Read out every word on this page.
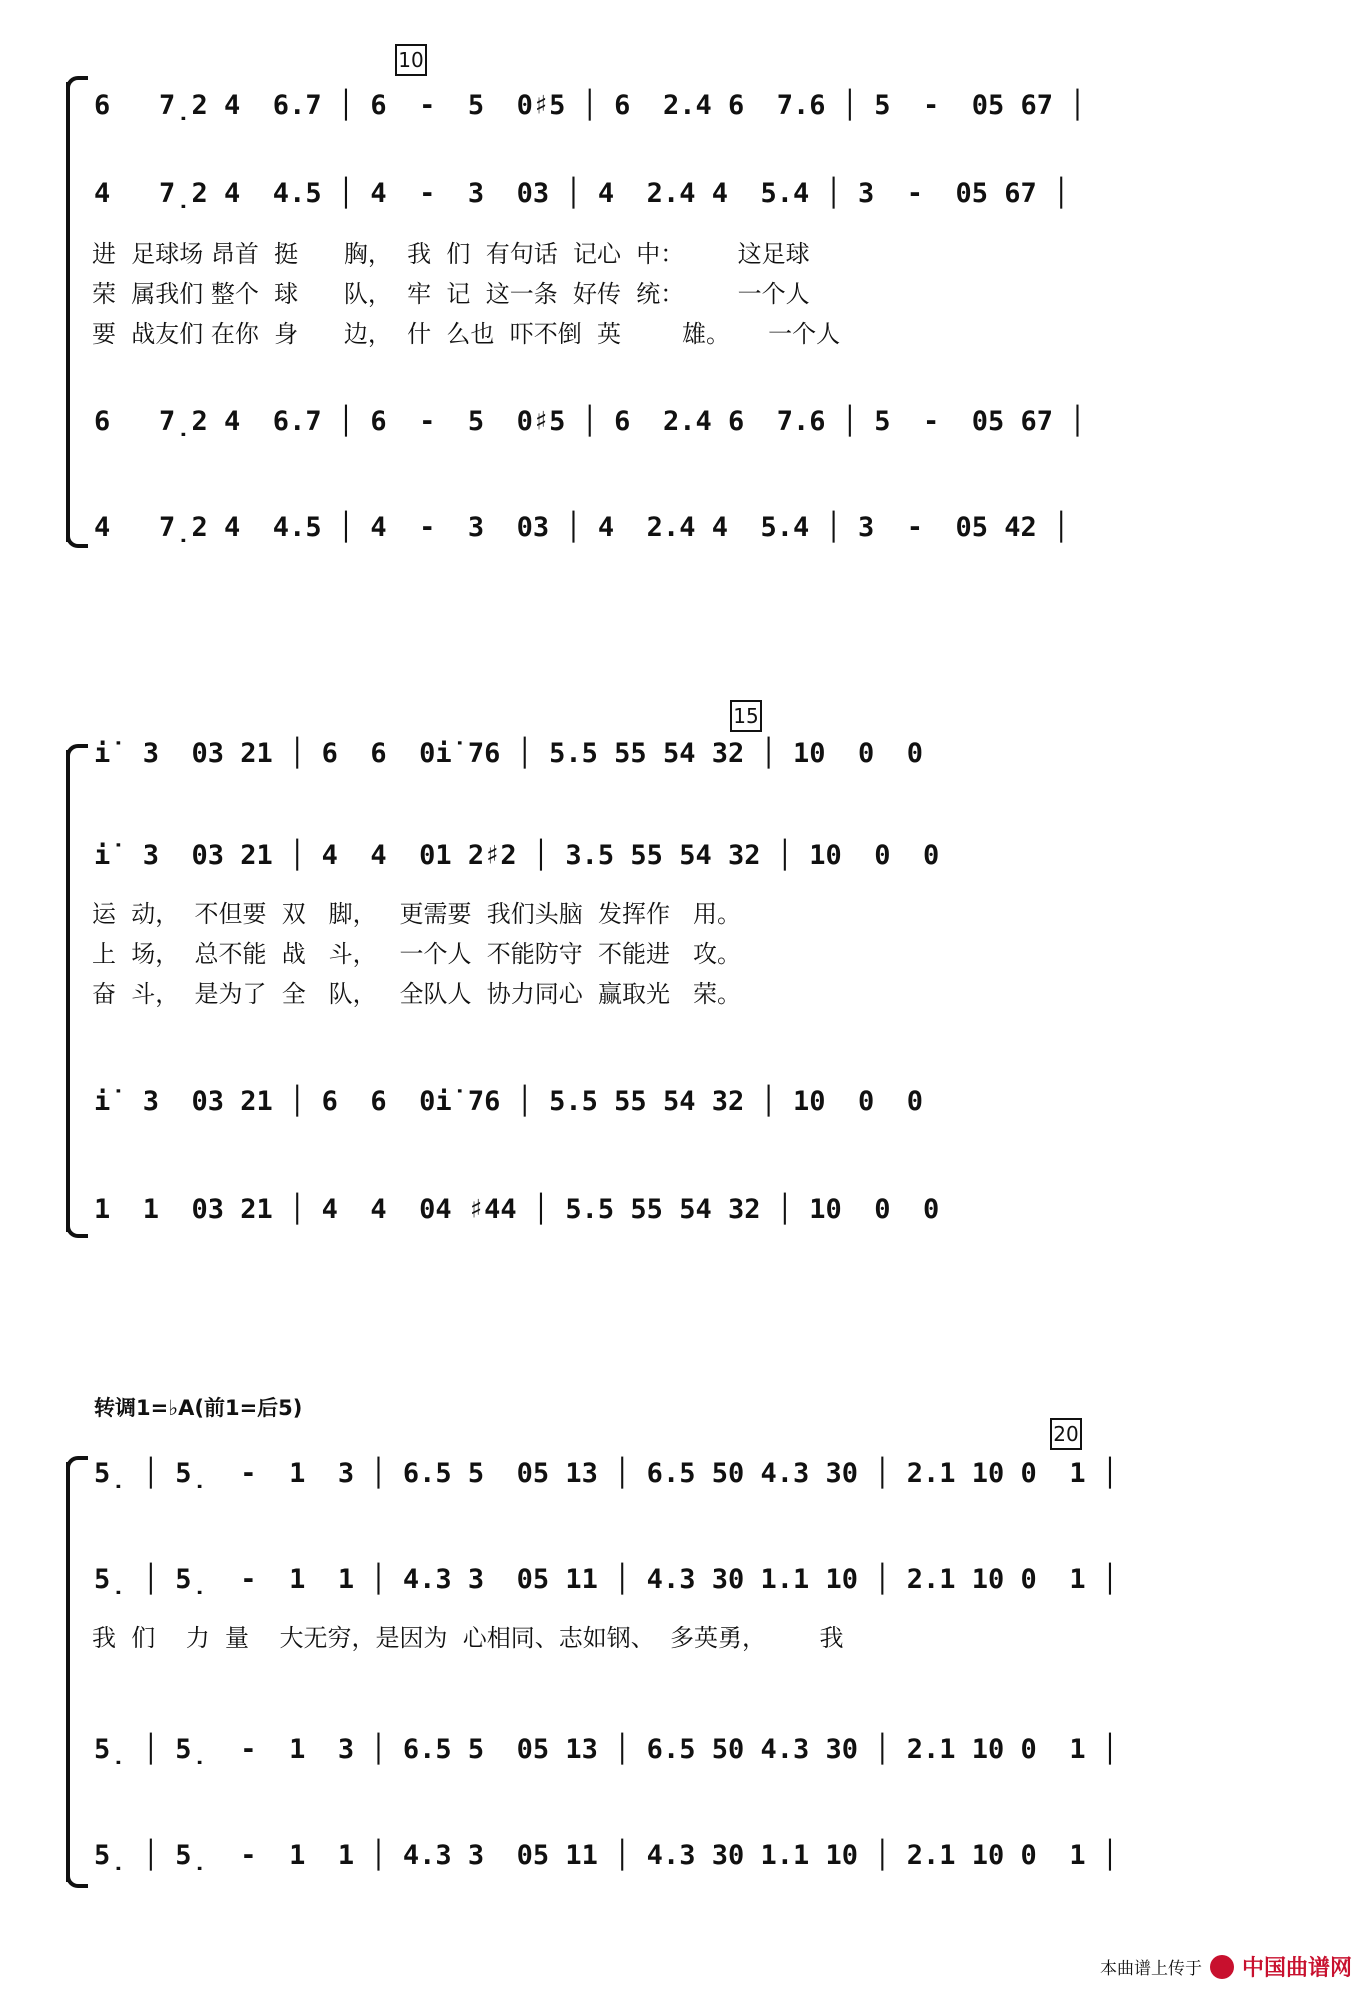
10
6   7̣2 4  6.7 │ 6  -  5  0♯5 │ 6  2.4 6  7.6 │ 5  -  05 67 │
4   7̣2 4  4.5 │ 4  -  3  03 │ 4  2.4 4  5.4 │ 3  -  05 67 │
进  足球场 昂首  挺      胸，  我  们  有句话  记心  中：       这足球
荣  属我们 整个  球      队，  牢  记  这一条  好传  统：       一个人
要  战友们 在你  身      边，  什  么也  吓不倒  英        雄。     一个人
6   7̣2 4  6.7 │ 6  -  5  0♯5 │ 6  2.4 6  7.6 │ 5  -  05 67 │
4   7̣2 4  4.5 │ 4  -  3  03 │ 4  2.4 4  5.4 │ 3  -  05 42 │
15
i̇  3  03 21 │ 6  6  0i̇ 76 │ 5.5 55 54 32 │ 10  0  0
i̇  3  03 21 │ 4  4  01 2♯2 │ 3.5 55 54 32 │ 10  0  0
运  动，  不但要  双   脚，   更需要  我们头脑  发挥作   用。
上  场，  总不能  战   斗，   一个人  不能防守  不能进   攻。
奋  斗，  是为了  全   队，   全队人  协力同心  赢取光   荣。
i̇  3  03 21 │ 6  6  0i̇ 76 │ 5.5 55 54 32 │ 10  0  0
1  1  03 21 │ 4  4  04 ♯44 │ 5.5 55 54 32 │ 10  0  0
转调1=♭A(前1=后5)
20
5̣ │ 5̣  -  1  3 │ 6.5 5  05 13 │ 6.5 50 4.3 30 │ 2.1 10 0  1 │
5̣ │ 5̣  -  1  1 │ 4.3 3  05 11 │ 4.3 30 1.1 10 │ 2.1 10 0  1 │
我  们    力  量    大无穷，是因为  心相同、志如钢、  多英勇，       我
5̣ │ 5̣  -  1  3 │ 6.5 5  05 13 │ 6.5 50 4.3 30 │ 2.1 10 0  1 │
5̣ │ 5̣  -  1  1 │ 4.3 3  05 11 │ 4.3 30 1.1 10 │ 2.1 10 0  1 │
本曲谱上传于 中国曲谱网
